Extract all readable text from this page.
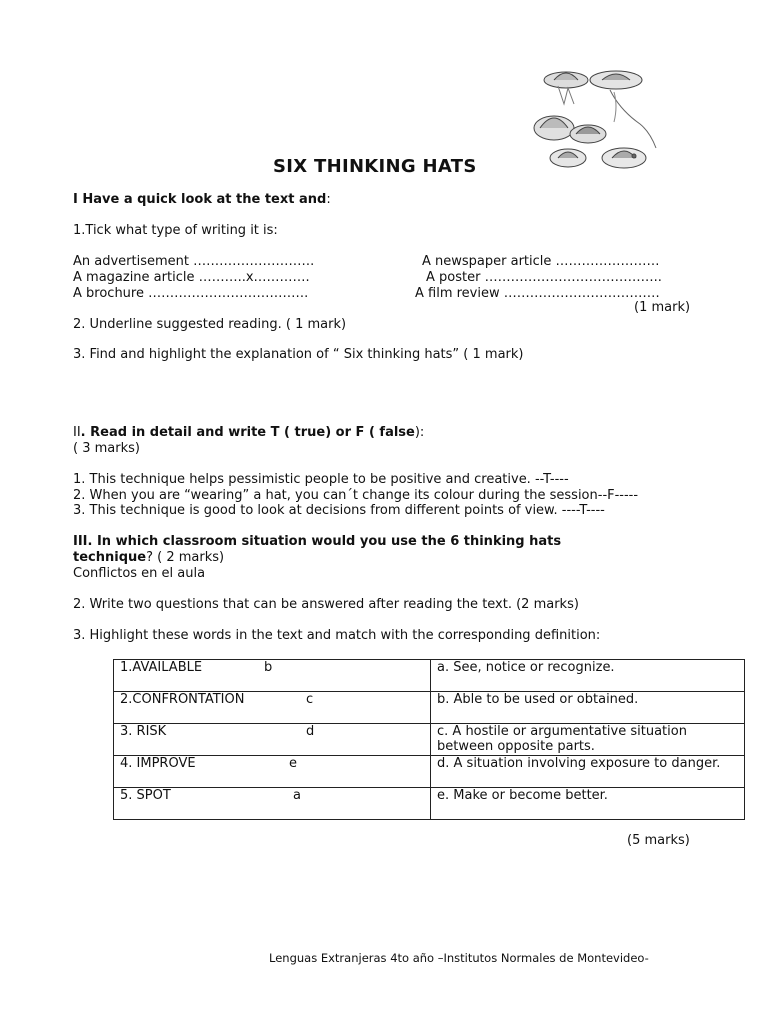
SIX THINKING HATS
I Have a quick look at the text and:
1.Tick what type of writing it is:
An advertisement ……………………….	A newspaper article ……………………
A magazine article ………..x………….	A poster …………………………………..
A brochure ……………………………….	A film review ………………………………
(1 mark)
2. Underline suggested reading. ( 1 mark)
3. Find and highlight the explanation of “ Six thinking hats” ( 1 mark)
II. Read in detail and write T ( true) or F ( false):
( 3 marks)
1. This technique helps pessimistic people to be positive and creative. --T----
2. When you are “wearing” a hat, you can´t change its colour during the session--F-----
3. This technique is good to look at decisions from different points of view. ----T----
III. In which classroom situation would you use the 6 thinking hats
technique? ( 2 marks)
Conflictos en el aula
2. Write two questions that can be answered after reading the text. (2 marks)
3. Highlight these words in the text and match with the corresponding definition:
1.AVAILABLE b	a. See, notice or recognize.
2.CONFRONTATION c	b. Able to be used or obtained.
3. RISK d	c. A hostile or argumentative situation between opposite parts.
4. IMPROVE e	d. A situation involving exposure to danger.
5. SPOT a	e. Make or become better.
(5 marks)
Lenguas Extranjeras 4to año –Institutos Normales de Montevideo-
